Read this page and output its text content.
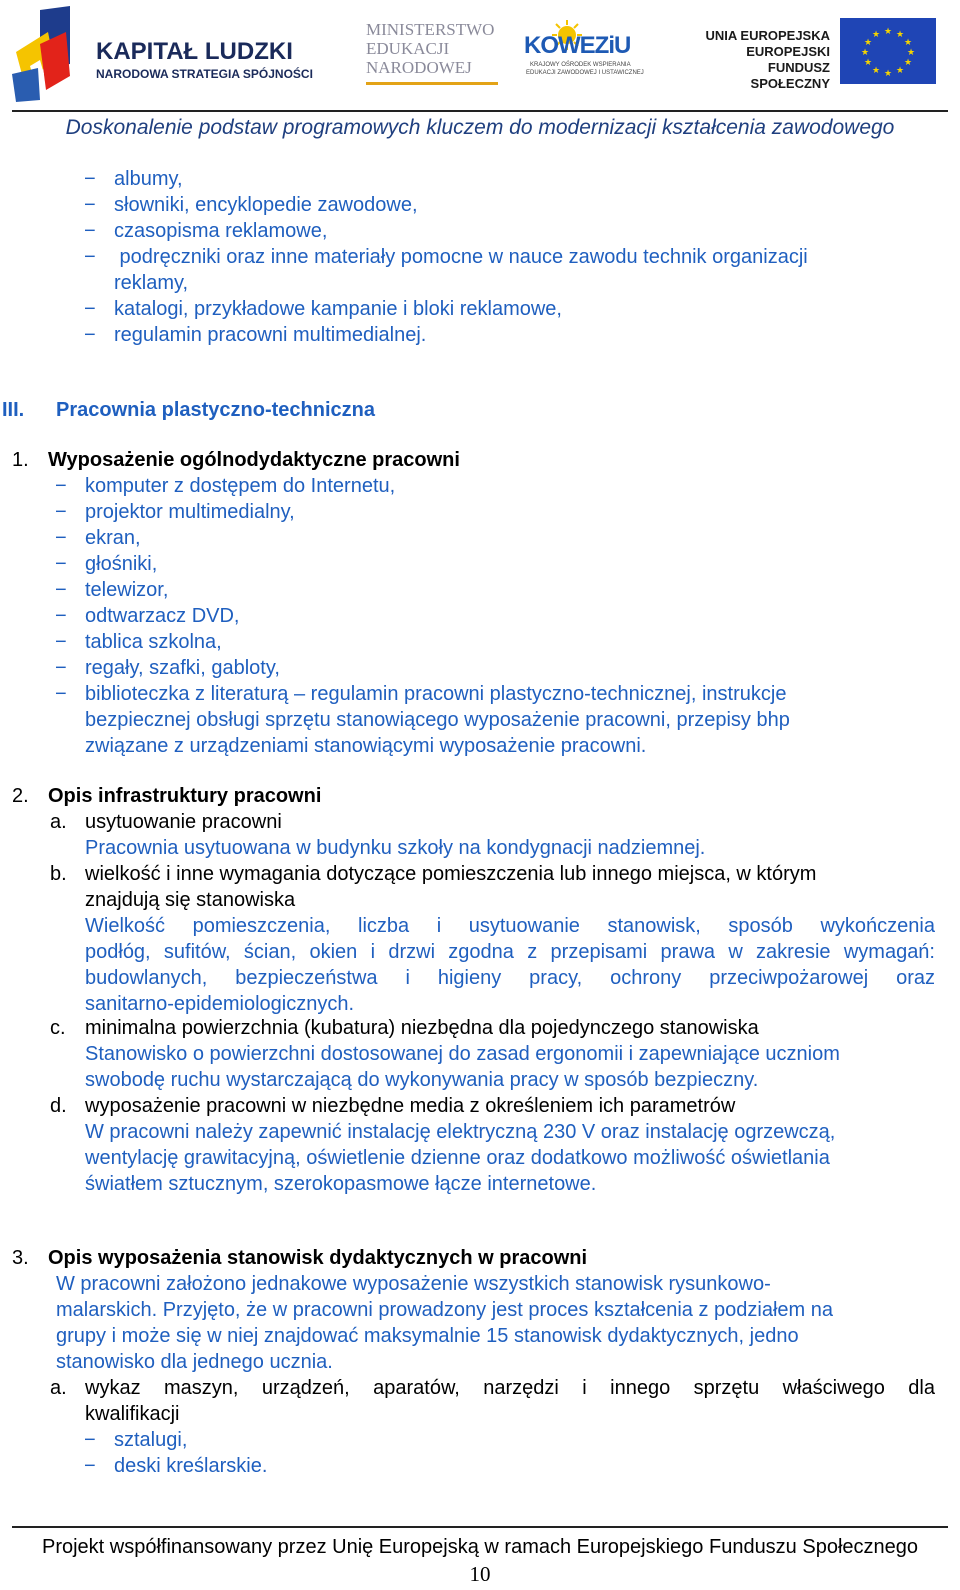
KAPITAŁ LUDZKI
NARODOWA STRATEGIA SPÓJNOŚCI
MINISTERSTWO
EDUKACJI
NARODOWEJ
KOWEZiU
KRAJOWY OŚRODEK WSPIERANIA
EDUKACJI ZAWODOWEJ I USTAWICZNEJ
UNIA EUROPEJSKA
EUROPEJSKI
FUNDUSZ SPOŁECZNY
★ ★
★
★
★
★
★
★
★
★
★
★
Doskonalenie podstaw programowych kluczem do modernizacji kształcenia zawodowego
− albumy,
− słowniki, encyklopedie zawodowe,
− czasopisma reklamowe,
−  podręczniki oraz inne materiały pomocne w nauce zawodu technik organizacji
reklamy,
− katalogi, przykładowe kampanie i bloki reklamowe,
− regulamin pracowni multimedialnej.
III. Pracownia plastyczno-techniczna
1. Wyposażenie ogólnodydaktyczne pracowni
− komputer z dostępem do Internetu,
− projektor multimedialny,
− ekran,
− głośniki,
− telewizor,
− odtwarzacz DVD,
− tablica szkolna,
− regały, szafki, gabloty,
− biblioteczka z literaturą – regulamin pracowni plastyczno-technicznej, instrukcje
bezpiecznej obsługi sprzętu stanowiącego wyposażenie pracowni, przepisy bhp
związane z urządzeniami stanowiącymi wyposażenie pracowni.
2. Opis infrastruktury pracowni
a. usytuowanie pracowni
Pracownia usytuowana w budynku szkoły na kondygnacji nadziemnej.
b. wielkość i inne wymagania dotyczące pomieszczenia lub innego miejsca, w którym
znajdują się stanowiska
Wielkość pomieszczenia, liczba i usytuowanie stanowisk, sposób wykończenia
podłóg, sufitów, ścian, okien i drzwi zgodna z przepisami prawa w zakresie wymagań:
budowlanych, bezpieczeństwa i higieny pracy, ochrony przeciwpożarowej oraz
sanitarno-epidemiologicznych.
c. minimalna powierzchnia (kubatura) niezbędna dla pojedynczego stanowiska
Stanowisko o powierzchni dostosowanej do zasad ergonomii i zapewniające uczniom
swobodę ruchu wystarczającą do wykonywania pracy w sposób bezpieczny.
d. wyposażenie pracowni w niezbędne media z określeniem ich parametrów
W pracowni należy zapewnić instalację elektryczną 230 V oraz instalację ogrzewczą,
wentylację grawitacyjną, oświetlenie dzienne oraz dodatkowo możliwość oświetlania
światłem sztucznym, szerokopasmowe łącze internetowe.
3. Opis wyposażenia stanowisk dydaktycznych w pracowni
W pracowni założono jednakowe wyposażenie wszystkich stanowisk rysunkowo-
malarskich. Przyjęto, że w pracowni prowadzony jest proces kształcenia z podziałem na
grupy i może się w niej znajdować maksymalnie 15 stanowisk dydaktycznych, jedno
stanowisko dla jednego ucznia.
a. wykaz maszyn, urządzeń, aparatów, narzędzi i innego sprzętu właściwego dla
kwalifikacji
− sztalugi,
− deski kreślarskie.
Projekt współfinansowany przez Unię Europejską w ramach Europejskiego Funduszu Społecznego
10
